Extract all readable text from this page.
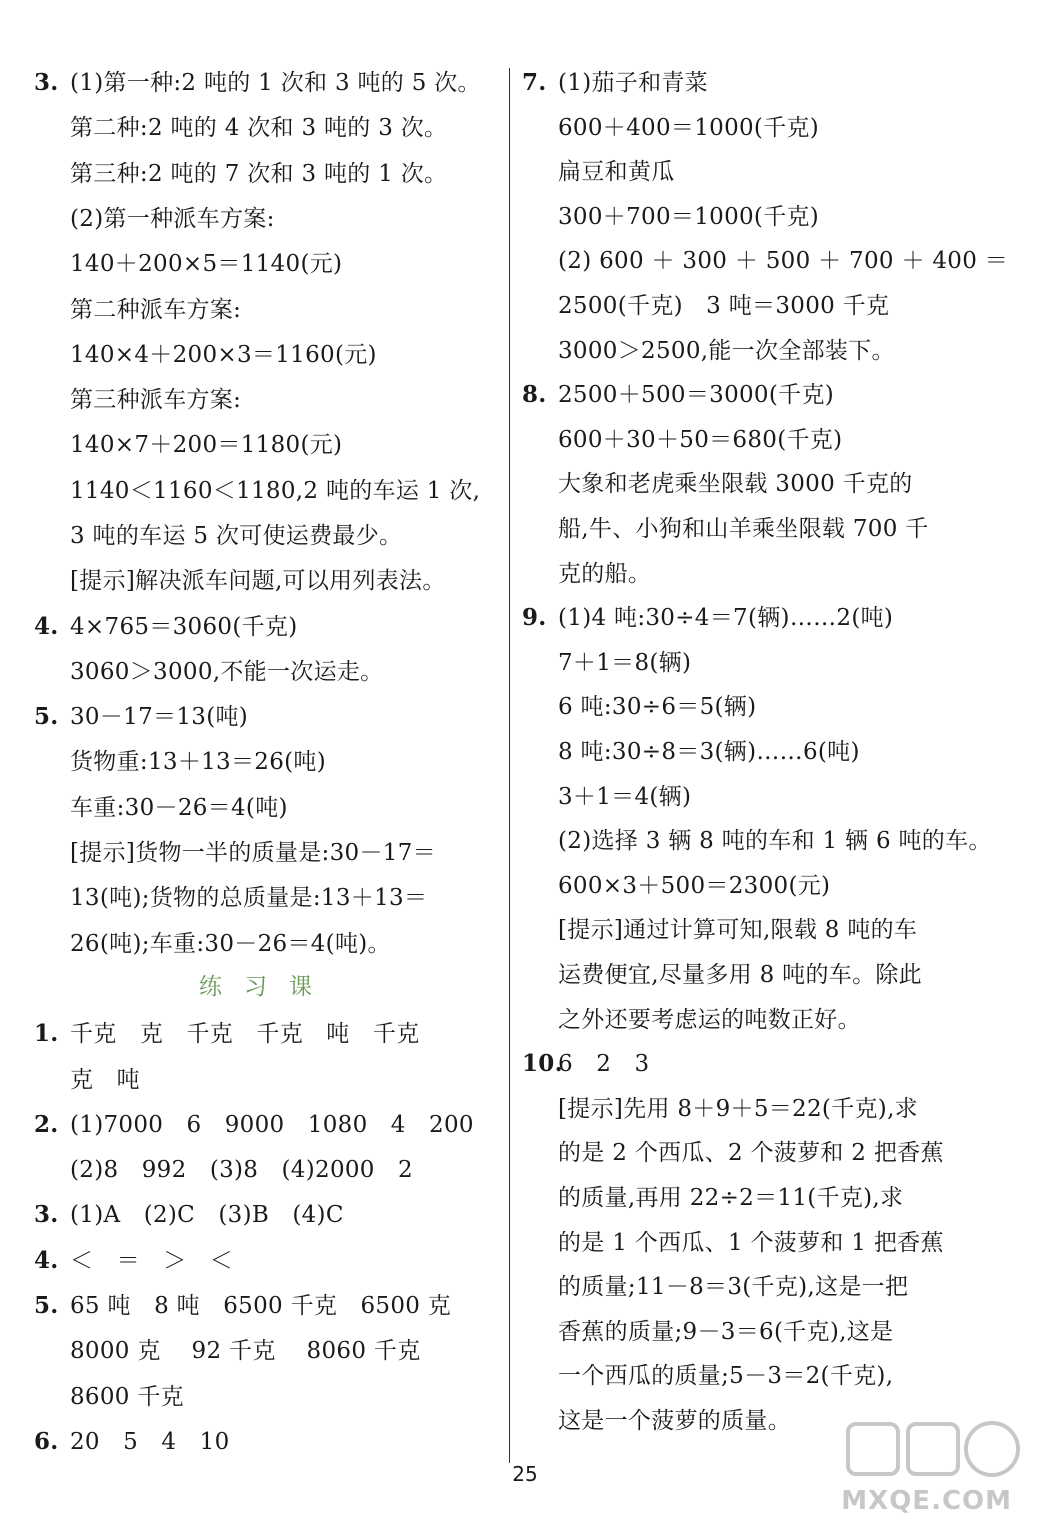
3. (1)第一种:2 吨的 1 次和 3 吨的 5 次。
第二种:2 吨的 4 次和 3 吨的 3 次。
第三种:2 吨的 7 次和 3 吨的 1 次。
(2)第一种派车方案:
140＋200×5＝1140(元)
第二种派车方案:
140×4＋200×3＝1160(元)
第三种派车方案:
140×7＋200＝1180(元)
1140＜1160＜1180,2 吨的车运 1 次,
3 吨的车运 5 次可使运费最少。
[提示]解决派车问题,可以用列表法。
4. 4×765＝3060(千克)
3060＞3000,不能一次运走。
5. 30－17＝13(吨)
货物重:13＋13＝26(吨)
车重:30－26＝4(吨)
[提示]货物一半的质量是:30－17＝
13(吨);货物的总质量是:13＋13＝
26(吨);车重:30－26＝4(吨)。
练习课
1. 千克　克　千克　千克　吨　千克
克　吨
2. (1)7000　6　9000　1080　4　200
(2)8　992　(3)8　(4)2000　2
3. (1)A　(2)C　(3)B　(4)C
4. ＜　＝　＞　＜
5. 65 吨　8 吨　6500 千克　6500 克
8000 克　 92 千克　 8060 千克
8600 千克
6. 20　5　4　10
7. (1)茄子和青菜
600＋400＝1000(千克)
扁豆和黄瓜
300＋700＝1000(千克)
(2) 600 ＋ 300 ＋ 500 ＋ 700 ＋ 400 ＝
2500(千克)　3 吨＝3000 千克
3000＞2500,能一次全部装下。
8. 2500＋500＝3000(千克)
600＋30＋50＝680(千克)
大象和老虎乘坐限载 3000 千克的
船,牛、小狗和山羊乘坐限载 700 千
克的船。
9. (1)4 吨:30÷4＝7(辆)……2(吨)
7＋1＝8(辆)
6 吨:30÷6＝5(辆)
8 吨:30÷8＝3(辆)……6(吨)
3＋1＝4(辆)
(2)选择 3 辆 8 吨的车和 1 辆 6 吨的车。
600×3＋500＝2300(元)
[提示]通过计算可知,限载 8 吨的车
运费便宜,尽量多用 8 吨的车。除此
之外还要考虑运的吨数正好。
10.
6　2　3
[提示]先用 8＋9＋5＝22(千克),求
的是 2 个西瓜、2 个菠萝和 2 把香蕉
的质量,再用 22÷2＝11(千克),求
的是 1 个西瓜、1 个菠萝和 1 把香蕉
的质量;11－8＝3(千克),这是一把
香蕉的质量;9－3＝6(千克),这是
一个西瓜的质量;5－3＝2(千克),
这是一个菠萝的质量。
25
MXQE.COM
